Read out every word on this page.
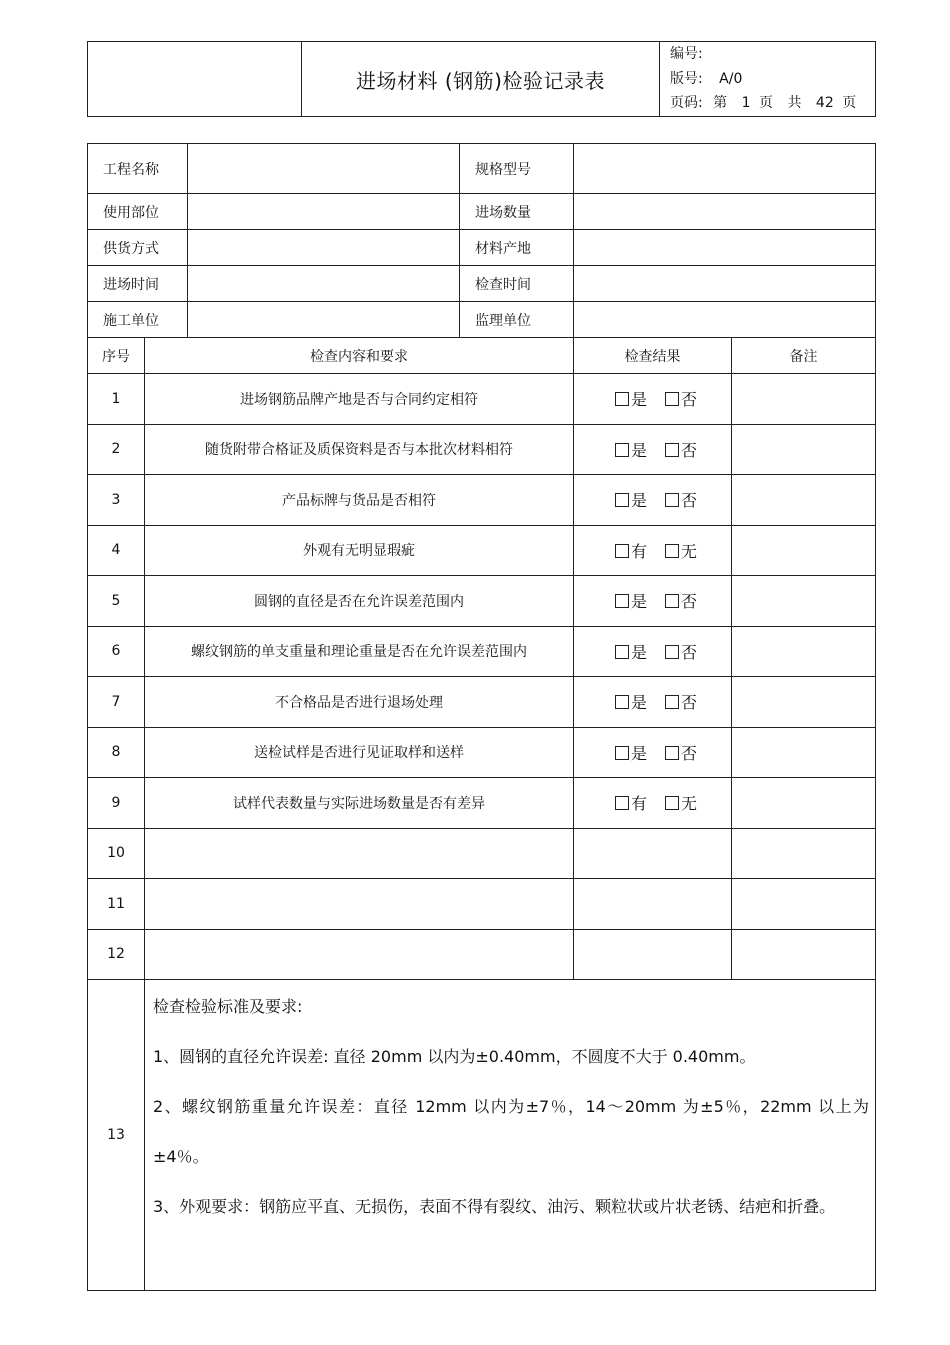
	进场材料 (钢筋)检验记录表	
编号:
版号: A/0
页码: 第 1 页 共 42 页
工程名称		规格型号	
使用部位		进场数量	
供货方式		材料产地	
进场时间		检查时间	
施工单位		监理单位	
序号	检查内容和要求	检查结果	备注
1	进场钢筋品牌产地是否与合同约定相符	是 否	
2	随货附带合格证及质保资料是否与本批次材料相符	是 否	
3	产品标牌与货品是否相符	是 否	
4	外观有无明显瑕疵	有 无	
5	圆钢的直径是否在允许误差范围内	是 否	
6	螺纹钢筋的单支重量和理论重量是否在允许误差范围内	是 否	
7	不合格品是否进行退场处理	是 否	
8	送检试样是否进行见证取样和送样	是 否	
9	试样代表数量与实际进场数量是否有差异	有 无	
10			
11			
12			
13	检查检验标准及要求:

1、圆钢的直径允许误差: 直径 20mm 以内为±0.40mm，不圆度不大于 0.40mm。

2、螺纹钢筋重量允许误差：直径 12mm 以内为±7％，14～20mm 为±5％，22mm 以上为±4％。

3、外观要求：钢筋应平直、无损伤，表面不得有裂纹、油污、颗粒状或片状老锈、结疤和折叠。		
